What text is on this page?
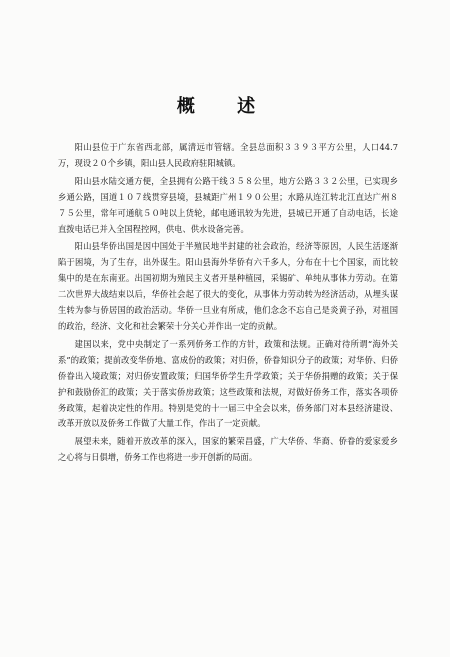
概 述

阳山县位于广东省西北部，属清远市管辖。全县总面积３３９３平方公里，人口44.7万，现设２０个乡镇，阳山县人民政府驻阳城镇。

阳山县水陆交通方便，全县拥有公路干线３５８公里，地方公路３３２公里，已实现乡乡通公路，国道１０７线贯穿县境，县城距广州１９０公里；水路从连江转北江直达广州８７５公里，常年可通航５０吨以上货轮，邮电通讯较为先进，县城已开通了自动电话，长途直拨电话已并入全国程控网，供电、供水设备完善。

阳山县华侨出国是因中国处于半殖民地半封建的社会政治，经济等原因，人民生活逐渐陷于困境，为了生存，出外谋生。阳山县海外华侨有六千多人，分布在十七个国家，而比较集中的是在东南亚。出国初期为殖民主义者开垦种植园，采锡矿、单纯从事体力劳动。在第二次世界大战结束以后，华侨社会起了很大的变化，从事体力劳动转为经济活动，从埋头谋生转为参与侨居国的政治活动。华侨一旦业有所成，他们念念不忘自己是炎黄子孙，对祖国的政治，经济、文化和社会繁荣十分关心并作出一定的贡献。

建国以来，党中央制定了一系列侨务工作的方针，政策和法规。正确对待所谓“海外关系”的政策；提前改变华侨地、富成份的政策；对归侨，侨眷知识分子的政策；对华侨、归侨侨眷出入境政策；对归侨安置政策；归国华侨学生升学政策；关于华侨捐赠的政策；关于保护和鼓励侨汇的政策；关于落实侨房政策；这些政策和法规，对做好侨务工作，落实各项侨务政策，起着决定性的作用。特别是党的十一届三中全会以来，侨务部门对本县经济建设、改革开放以及侨务工作做了大量工作，作出了一定贡献。

展望未来，随着开放改革的深入，国家的繁荣昌盛，广大华侨、华裔、侨眷的爱家爱乡之心将与日俱增，侨务工作也将进一步开创新的局面。
